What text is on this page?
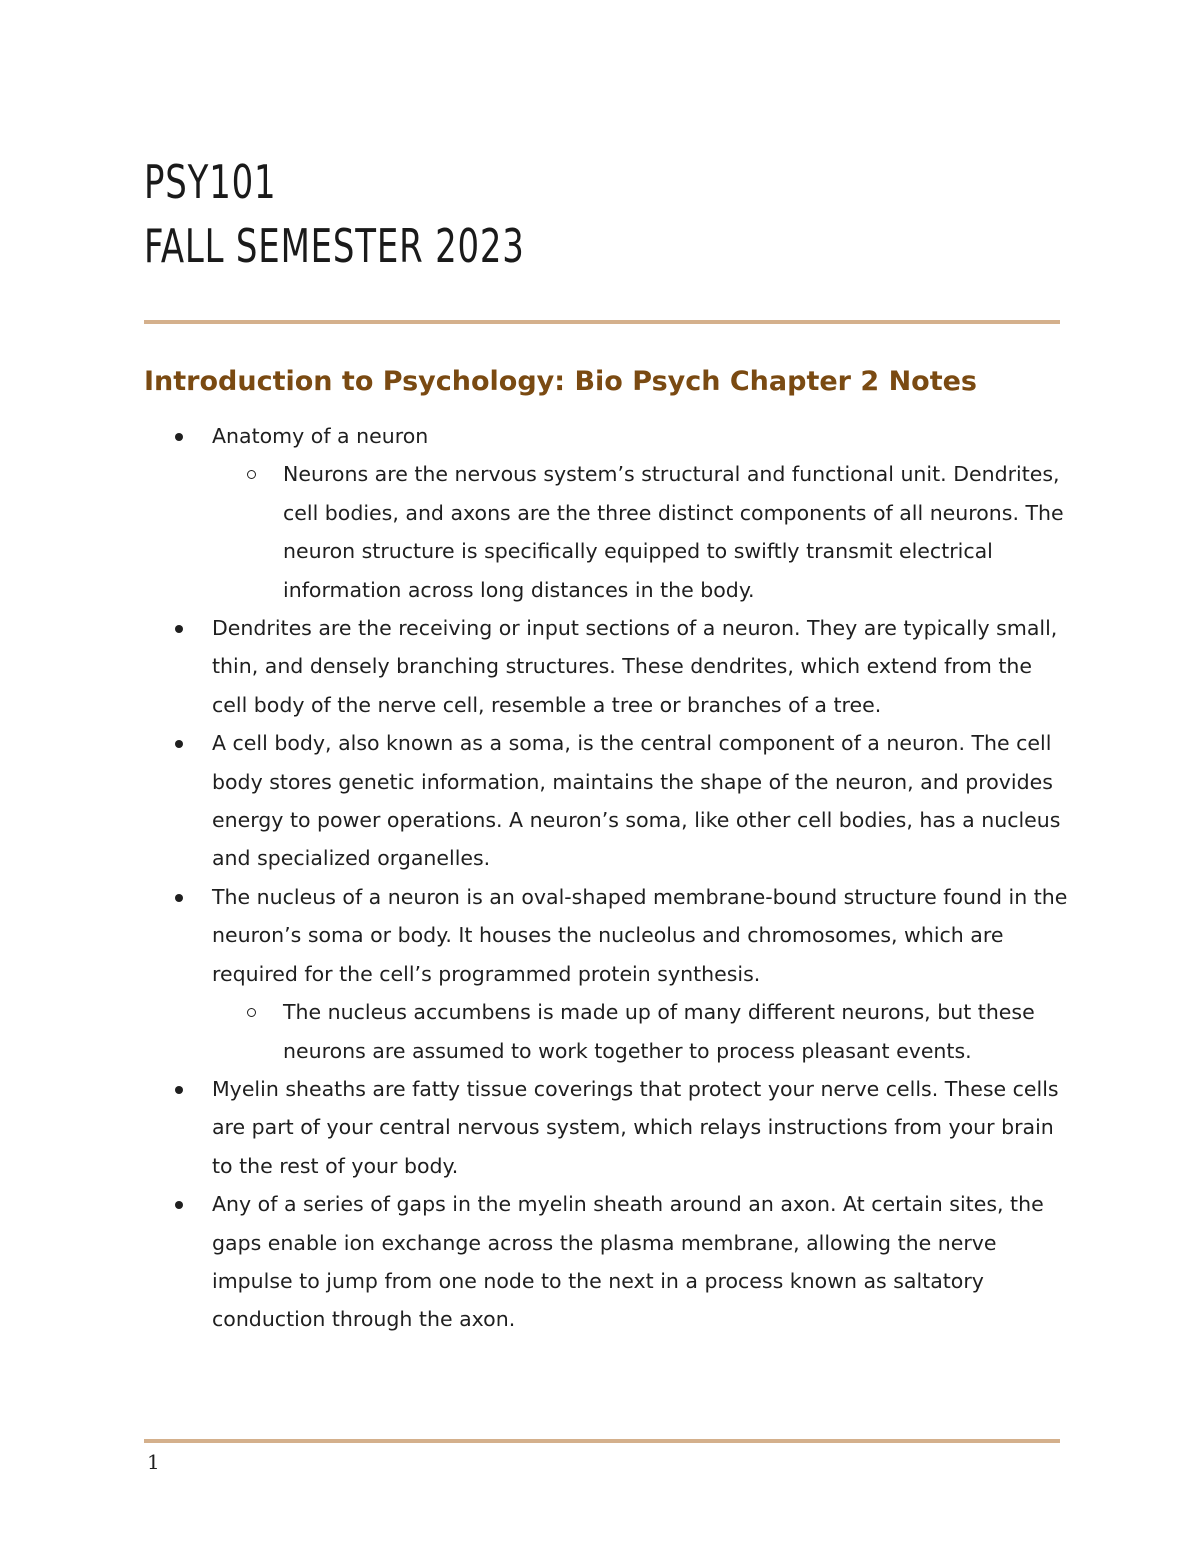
PSY101
FALL SEMESTER 2023
Introduction to Psychology: Bio Psych Chapter 2 Notes
Anatomy of a neuron
Neurons are the nervous system’s structural and functional unit. Dendrites, cell bodies, and axons are the three distinct components of all neurons. The neuron structure is specifically equipped to swiftly transmit electrical information across long distances in the body.
Dendrites are the receiving or input sections of a neuron. They are typically small, thin, and densely branching structures. These dendrites, which extend from the cell body of the nerve cell, resemble a tree or branches of a tree.
A cell body, also known as a soma, is the central component of a neuron. The cell body stores genetic information, maintains the shape of the neuron, and provides energy to power operations. A neuron’s soma, like other cell bodies, has a nucleus and specialized organelles.
The nucleus of a neuron is an oval-shaped membrane-bound structure found in the neuron’s soma or body. It houses the nucleolus and chromosomes, which are required for the cell’s programmed protein synthesis.
The nucleus accumbens is made up of many different neurons, but these neurons are assumed to work together to process pleasant events.
Myelin sheaths are fatty tissue coverings that protect your nerve cells. These cells are part of your central nervous system, which relays instructions from your brain to the rest of your body.
Any of a series of gaps in the myelin sheath around an axon. At certain sites, the gaps enable ion exchange across the plasma membrane, allowing the nerve impulse to jump from one node to the next in a process known as saltatory conduction through the axon.
1
